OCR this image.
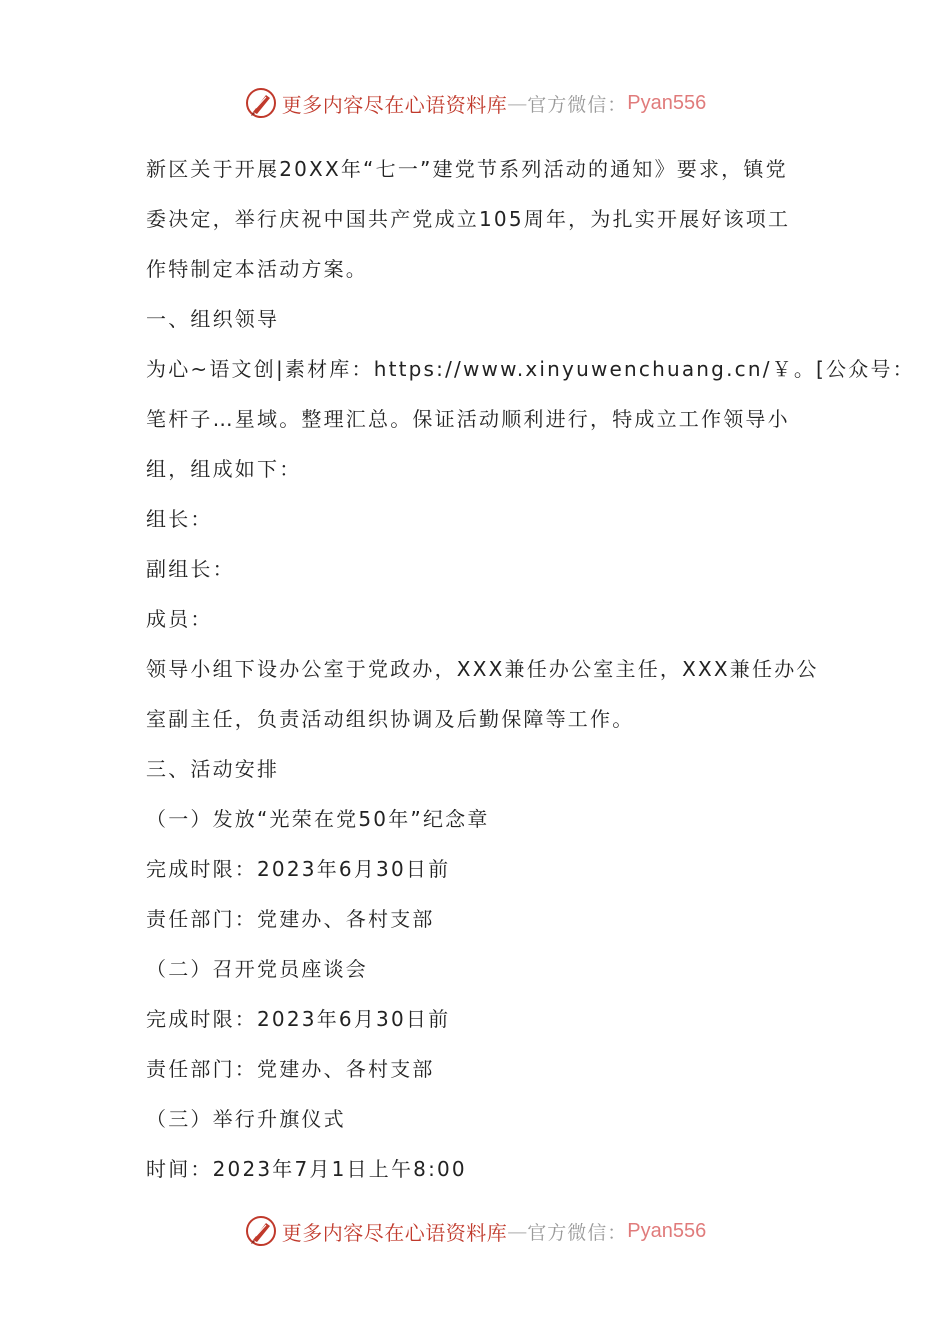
更多内容尽在心语资料库 — 官方微信： Pyan556

新区关于开展20XX年“七一”建党节系列活动的通知》要求，镇党

委决定，举行庆祝中国共产党成立105周年，为扎实开展好该项工

作特制定本活动方案。

一、组织领导

为心~语文创|素材库：https://www.xinyuwenchuang.cn/￥。[公众号：

笔杆子…星域。整理汇总。保证活动顺利进行，特成立工作领导小

组，组成如下：

组长：

副组长：

成员：

领导小组下设办公室于党政办，XXX兼任办公室主任，XXX兼任办公

室副主任，负责活动组织协调及后勤保障等工作。

三、活动安排

（一）发放“光荣在党50年”纪念章

完成时限：2023年6月30日前

责任部门：党建办、各村支部

（二）召开党员座谈会

完成时限：2023年6月30日前

责任部门：党建办、各村支部

（三）举行升旗仪式

时间：2023年7月1日上午8:00

更多内容尽在心语资料库 — 官方微信： Pyan556
